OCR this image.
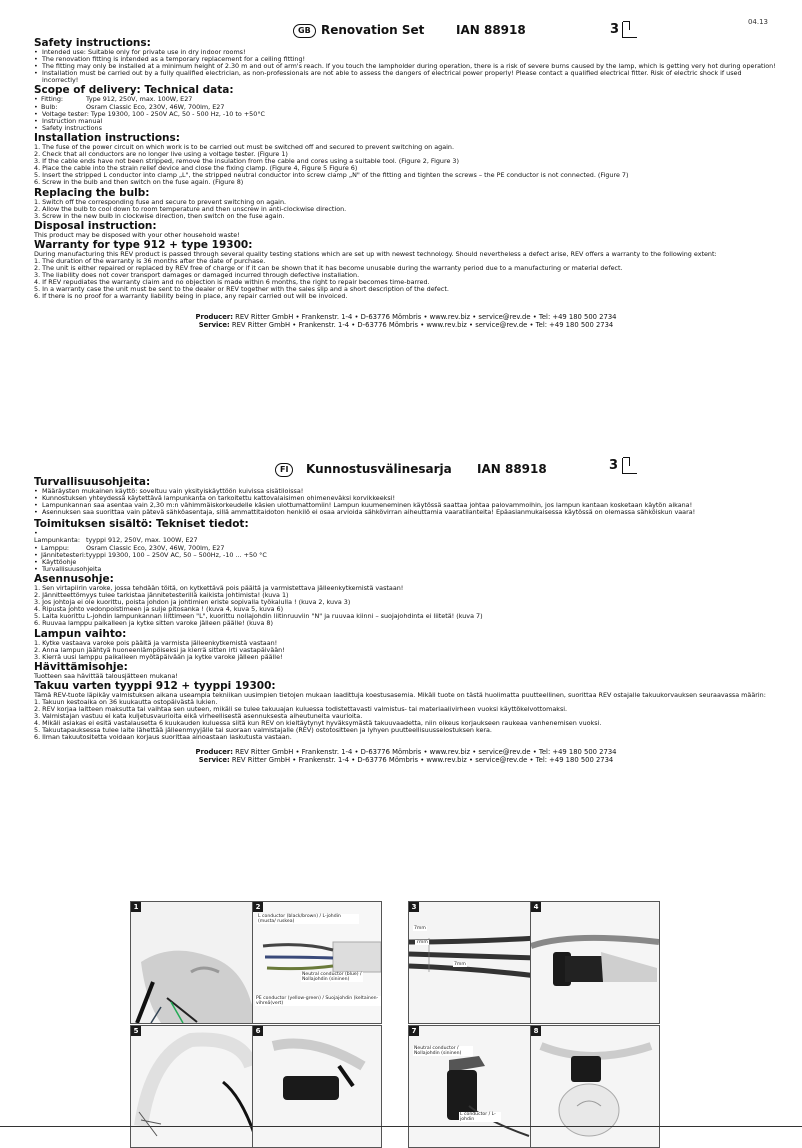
04.13
GB Renovation Set	IAN 88918	3
Safety instructions:

• Intended use: Suitable only for private use in dry indoor rooms!

• The renovation fitting is intended as a temporary replacement for a ceiling fitting!

• The fitting may only be installed at a minimum height of 2.30 m and out of arm's reach. If you touch the lampholder during operation, there is a risk of severe burns caused by the lamp, which is getting very hot during operation!

• Installation must be carried out by a fully qualified electrician, as non-professionals are not able to assess the dangers of electrical power properly! Please contact a qualified electrical fitter. Risk of electric shock if used incorrectly!

Scope of delivery: Technical data:

• Fitting:	Type 912, 250V, max. 100W, E27

• Bulb:	Osram Classic Eco, 230V, 46W, 700lm, E27

• Voltage tester: Type 19300, 100 - 250V AC, 50 - 500 Hz, -10 to +50°C

• Instruction manual

• Safety instructions

Installation instructions:

1. The fuse of the power circuit on which work is to be carried out must be switched off and secured to prevent switching on again.

2. Check that all conductors are no longer live using a voltage tester. (Figure 1)

3. If the cable ends have not been stripped, remove the insulation from the cable and cores using a suitable tool. (Figure 2, Figure 3)

4. Place the cable into the strain relief device and close the fixing clamp. (Figure 4, Figure 5 Figure 6)

5. Insert the stripped L conductor into clamp „L", the stripped neutral conductor into screw clamp „N" of the fitting and tighten the screws – the PE conductor is not connected. (Figure 7)

6. Screw in the bulb and then switch on the fuse again. (Figure 8)

Replacing the bulb:

1. Switch off the corresponding fuse and secure to prevent switching on again.

2. Allow the bulb to cool down to room temperature and then unscrew in anti-clockwise direction.

3. Screw in the new bulb in clockwise direction, then switch on the fuse again.

Disposal instruction:

This product may be disposed with your other household waste!

Warranty for type 912 + type 19300:

During manufacturing this REV product is passed through several quality testing stations which are set up with newest technology. Should nevertheless a defect arise, REV offers a warranty to the following extent:

1. The duration of the warranty is 36 months after the date of purchase.

2. The unit is either repaired or replaced by REV free of charge or if it can be shown that it has become unusable during the warranty period due to a manufacturing or material defect.

3. The liability does not cover transport damages or damaged incurred through defective installation.

4. If REV repudiates the warranty claim and no objection is made within 6 months, the right to repair becomes time-barred.

5. In a warranty case the unit must be sent to the dealer or REV together with the sales slip and a short description of the defect.

6. If there is no proof for a warranty liability being in place, any repair carried out will be invoiced.

Producer: REV Ritter GmbH • Frankenstr. 1-4 • D-63776 Mömbris • www.rev.biz • service@rev.de • Tel: +49 180 500 2734
Service: REV Ritter GmbH • Frankenstr. 1-4 • D-63776 Mömbris • www.rev.biz • service@rev.de • Tel: +49 180 500 2734
FI	Kunnostusvälinesarja IAN 88918	3
Turvallisuusohjeita:

• Määräysten mukainen käyttö: soveltuu vain yksityiskäyttöön kuivissa sisätiloissa!

• Kunnostuksen yhteydessä käytettävä lampunkanta on tarkoitettu kattovalaisimen ohimeneväksi korvikkeeksi!

• Lampunkannan saa asentaa vain 2,30 m:n vähimmäiskorkeudelle käsien ulottumattomiin! Lampun kuumeneminen käytössä saattaa johtaa palovammoihin, jos lampun kantaan kosketaan käytön aikana!

• Asennuksen saa suorittaa vain pätevä sähköasentaja, sillä ammattitaidoton henkilö ei osaa arvioida sähkövirran aiheuttamia vaaratilanteita! Epäasianmukaisessa käytössä on olemassa sähköiskun vaara!

Toimituksen sisältö: Tekniset tiedot:

• Lampunkanta: tyyppi 912, 250V, max. 100W, E27

• Lamppu:	Osram Classic Eco, 230V, 46W, 700lm, E27

• Jännitetesteri:tyyppi 19300, 100 – 250V AC, 50 – 500Hz, -10 ... +50 °C

• Käyttöohje

• Turvallisuusohjeita

Asennusohje:

1. Sen virtapiirin varoke, jossa tehdään töitä, on kytkettävä pois päältä ja varmistettava jälleenkytkemistä vastaan!

2. Jännitteettömyys tulee tarkistaa jännitetesterillä kaikista johtimista! (kuva 1)

3. Jos johtoja ei ole kuorittu, poista johdon ja johtimien eriste sopivalla työkalulla ! (kuva 2, kuva 3)

4. Ripusta johto vedonpoistimeen ja sulje pitosanka ! (kuva 4, kuva 5, kuva 6)

5. Laita kuorittu L-johdin lampunkannan liittimeen "L", kuorittu nollajohdin liitinruuviin "N" ja ruuvaa kiinni – suojajohdinta ei liitetä! (kuva 7)

6. Ruuvaa lamppu paikalleen ja kytke sitten varoke jälleen päälle! (kuva 8)

Lampun vaihto:

1. Kytke vastaava varoke pois päältä ja varmista jälleenkytkemistä vastaan!

2. Anna lampun jäähtyä huoneenlämpöiseksi ja kierrä sitten irti vastapäivään!

3. Kierrä uusi lamppu paikalleen myötäpäivään ja kytke varoke jälleen päälle!

Hävittämisohje:

Tuotteen saa hävittää talousjätteen mukana!

Takuu varten tyyppi 912 + tyyppi 19300:

Tämä REV-tuote läpikäy valmistuksen aikana useampia tekniikan uusimpien tietojen mukaan laadittuja koestusasemia. Mikäli tuote on tästä huolimatta puutteellinen, suorittaa REV ostajalle takuukorvauksen seuraavassa määrin:

1. Takuun kestoaika on 36 kuukautta ostopäivästä lukien.

2. REV korjaa laitteen maksutta tai vaihtaa sen uuteen, mikäli se tulee takuuajan kuluessa todistettavasti valmistus- tai materiaalivirheen vuoksi käyttökelvottomaksi.

3. Valmistajan vastuu ei kata kuljetusvaurioita eikä virheellisestä asennuksesta aiheutuneita vaurioita.

4. Mikäli asiakas ei esitä vastalausetta 6 kuukauden kuluessa siitä kun REV on kieltäytynyt hyväksymästä takuuvaadetta, niin oikeus korjaukseen raukeaa vanhenemisen vuoksi.

5. Takuutapauksessa tulee laite lähettää jälleenmyyjälle tai suoraan valmistajalle (REV) ostotositteen ja lyhyen puutteellisuusselostuksen kera.

6. Ilman takuutositetta voidaan korjaus suorittaa ainoastaan laskutusta vastaan.

Producer: REV Ritter GmbH • Frankenstr. 1-4 • D-63776 Mömbris • www.rev.biz • service@rev.de • Tel: +49 180 500 2734
Service: REV Ritter GmbH • Frankenstr. 1-4 • D-63776 Mömbris • www.rev.biz • service@rev.de • Tel: +49 180 500 2734
1	2
L conductor (black/brown) / L-johdin (musta/ ruskea)
Neutral conductor (blue) / Nollajohdin (sininen)
PE conductor (yellow-green) / Suojajohdin (keltainen-vihreä(vert)
3
7mm
7mm
7mm
4
5	6	7
Neutral conductor / Nollajohdin (sininen)
L conductor / L-johdin
8
